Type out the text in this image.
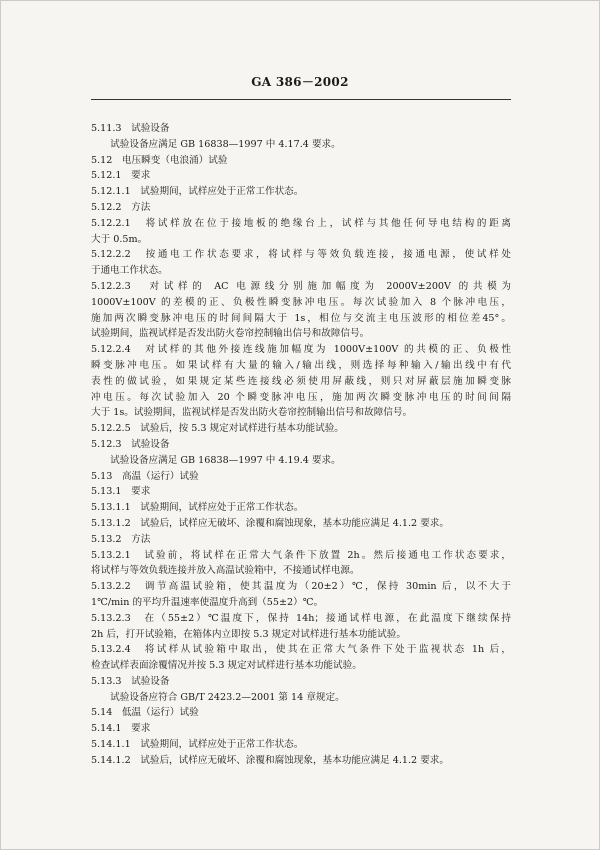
GA 386－2002
5.11.3　试验设备
　　试验设备应满足 GB 16838—1997 中 4.17.4 要求。
5.12　电压瞬变（电浪涌）试验
5.12.1　要求
5.12.1.1　试验期间，试样应处于正常工作状态。
5.12.2　方法
5.12.2.1　将试样放在位于接地板的绝缘台上，试样与其他任何导电结构的距离
大于 0.5m。
5.12.2.2　按通电工作状态要求，将试样与等效负载连接，接通电源，使试样处
于通电工作状态。
5.12.2.3　对试样的 AC 电源线分别施加幅度为 2000V±200V 的共模为
1000V±100V 的差模的正、负极性瞬变脉冲电压。每次试验加入 8 个脉冲电压，
施加两次瞬变脉冲电压的时间间隔大于 1s，相位与交流主电压波形的相位差45°。
试验期间，监视试样是否发出防火卷帘控制输出信号和故障信号。
5.12.2.4　对试样的其他外接连线施加幅度为 1000V±100V 的共模的正、负极性
瞬变脉冲电压。如果试样有大量的输入/输出线，则选择每种输入/输出线中有代
表性的做试验，如果规定某些连接线必须使用屏蔽线，则只对屏蔽层施加瞬变脉
冲电压。每次试验加入 20 个瞬变脉冲电压，施加两次瞬变脉冲电压的时间间隔
大于 1s。试验期间，监视试样是否发出防火卷帘控制输出信号和故障信号。
5.12.2.5　试验后，按 5.3 规定对试样进行基本功能试验。
5.12.3　试验设备
　　试验设备应满足 GB 16838—1997 中 4.19.4 要求。
5.13　高温（运行）试验
5.13.1　要求
5.13.1.1　试验期间，试样应处于正常工作状态。
5.13.1.2　试验后，试样应无破坏、涂覆和腐蚀现象，基本功能应满足 4.1.2 要求。
5.13.2　方法
5.13.2.1　试验前，将试样在正常大气条件下放置 2h。然后接通电工作状态要求，
将试样与等效负载连接并放入高温试验箱中，不接通试样电源。
5.13.2.2　调节高温试验箱，使其温度为（20±2）℃，保持 30min 后，以不大于
1℃/min 的平均升温速率使温度升高到（55±2）℃。
5.13.2.3　在（55±2）℃温度下，保持 14h；接通试样电源，在此温度下继续保持
2h 后，打开试验箱，在箱体内立即按 5.3 规定对试样进行基本功能试验。
5.13.2.4　将试样从试验箱中取出，使其在正常大气条件下处于监视状态 1h 后，
检查试样表面涂覆情况并按 5.3 规定对试样进行基本功能试验。
5.13.3　试验设备
　　试验设备应符合 GB/T 2423.2—2001 第 14 章规定。
5.14　低温（运行）试验
5.14.1　要求
5.14.1.1　试验期间，试样应处于正常工作状态。
5.14.1.2　试验后，试样应无破坏、涂覆和腐蚀现象，基本功能应满足 4.1.2 要求。
